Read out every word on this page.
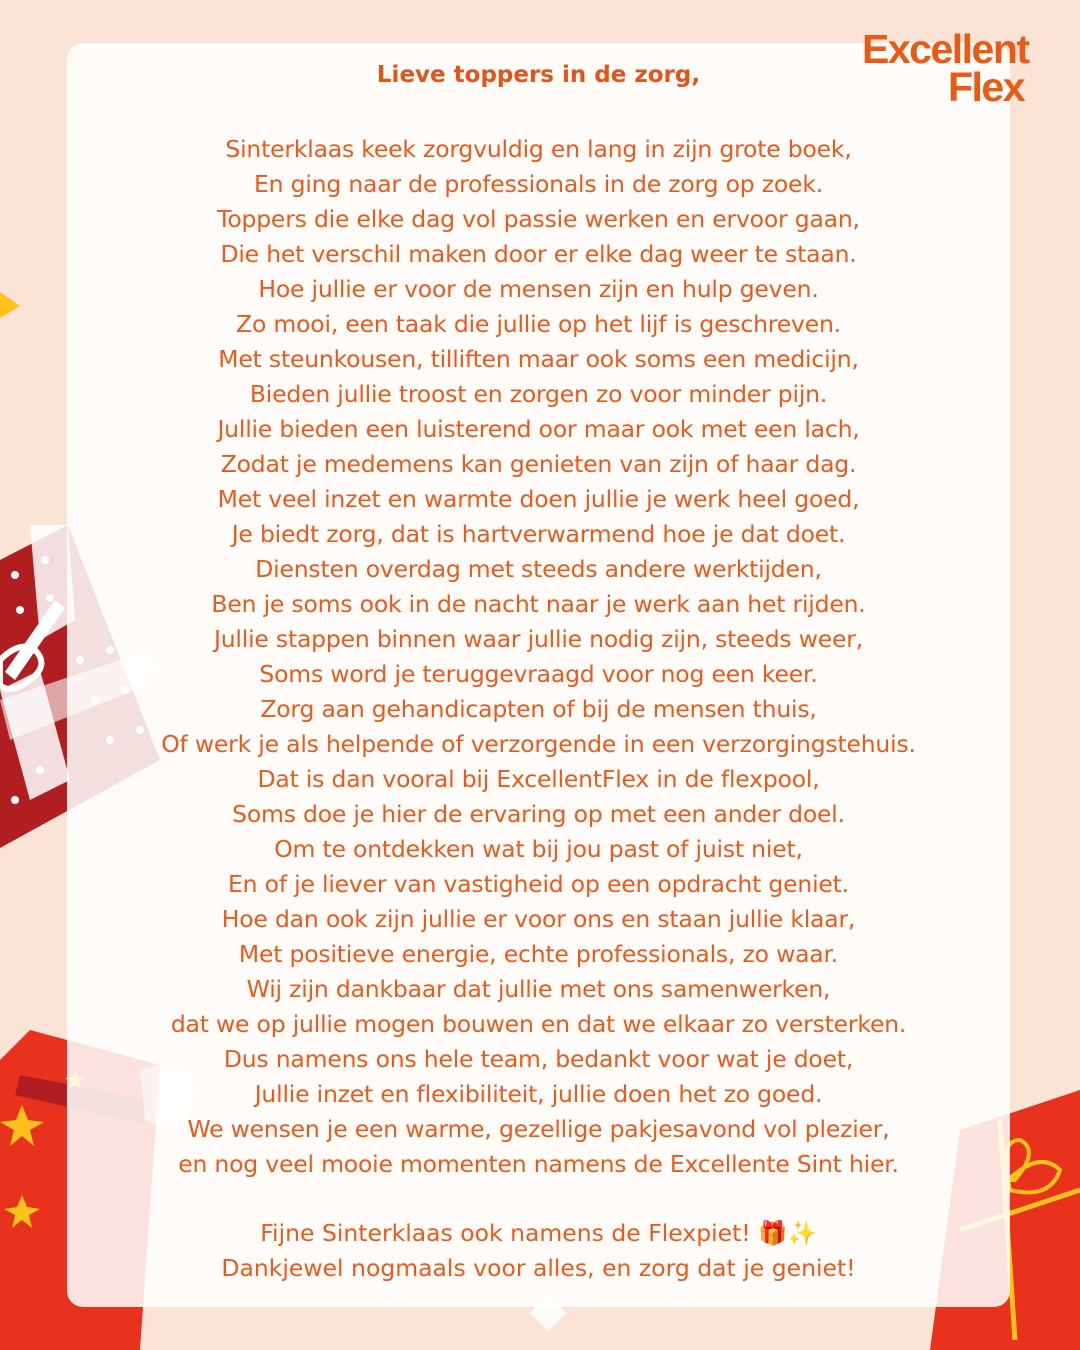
Excellent
Flex
Lieve toppers in de zorg,
Sinterklaas keek zorgvuldig en lang in zijn grote boek,
En ging naar de professionals in de zorg op zoek.
Toppers die elke dag vol passie werken en ervoor gaan,
Die het verschil maken door er elke dag weer te staan.
Hoe jullie er voor de mensen zijn en hulp geven.
Zo mooi, een taak die jullie op het lijf is geschreven.
Met steunkousen, tilliften maar ook soms een medicijn,
Bieden jullie troost en zorgen zo voor minder pijn.
Jullie bieden een luisterend oor maar ook met een lach,
Zodat je medemens kan genieten van zijn of haar dag.
Met veel inzet en warmte doen jullie je werk heel goed,
Je biedt zorg, dat is hartverwarmend hoe je dat doet.
Diensten overdag met steeds andere werktijden,
Ben je soms ook in de nacht naar je werk aan het rijden.
Jullie stappen binnen waar jullie nodig zijn, steeds weer,
Soms word je teruggevraagd voor nog een keer.
Zorg aan gehandicapten of bij de mensen thuis,
Of werk je als helpende of verzorgende in een verzorgingstehuis.
Dat is dan vooral bij ExcellentFlex in de flexpool,
Soms doe je hier de ervaring op met een ander doel.
Om te ontdekken wat bij jou past of juist niet,
En of je liever van vastigheid op een opdracht geniet.
Hoe dan ook zijn jullie er voor ons en staan jullie klaar,
Met positieve energie, echte professionals, zo waar.
Wij zijn dankbaar dat jullie met ons samenwerken,
dat we op jullie mogen bouwen en dat we elkaar zo versterken.
Dus namens ons hele team, bedankt voor wat je doet,
Jullie inzet en flexibiliteit, jullie doen het zo goed.
We wensen je een warme, gezellige pakjesavond vol plezier,
en nog veel mooie momenten namens de Excellente Sint hier.
Fijne Sinterklaas ook namens de Flexpiet! 🎁✨
Dankjewel nogmaals voor alles, en zorg dat je geniet!
